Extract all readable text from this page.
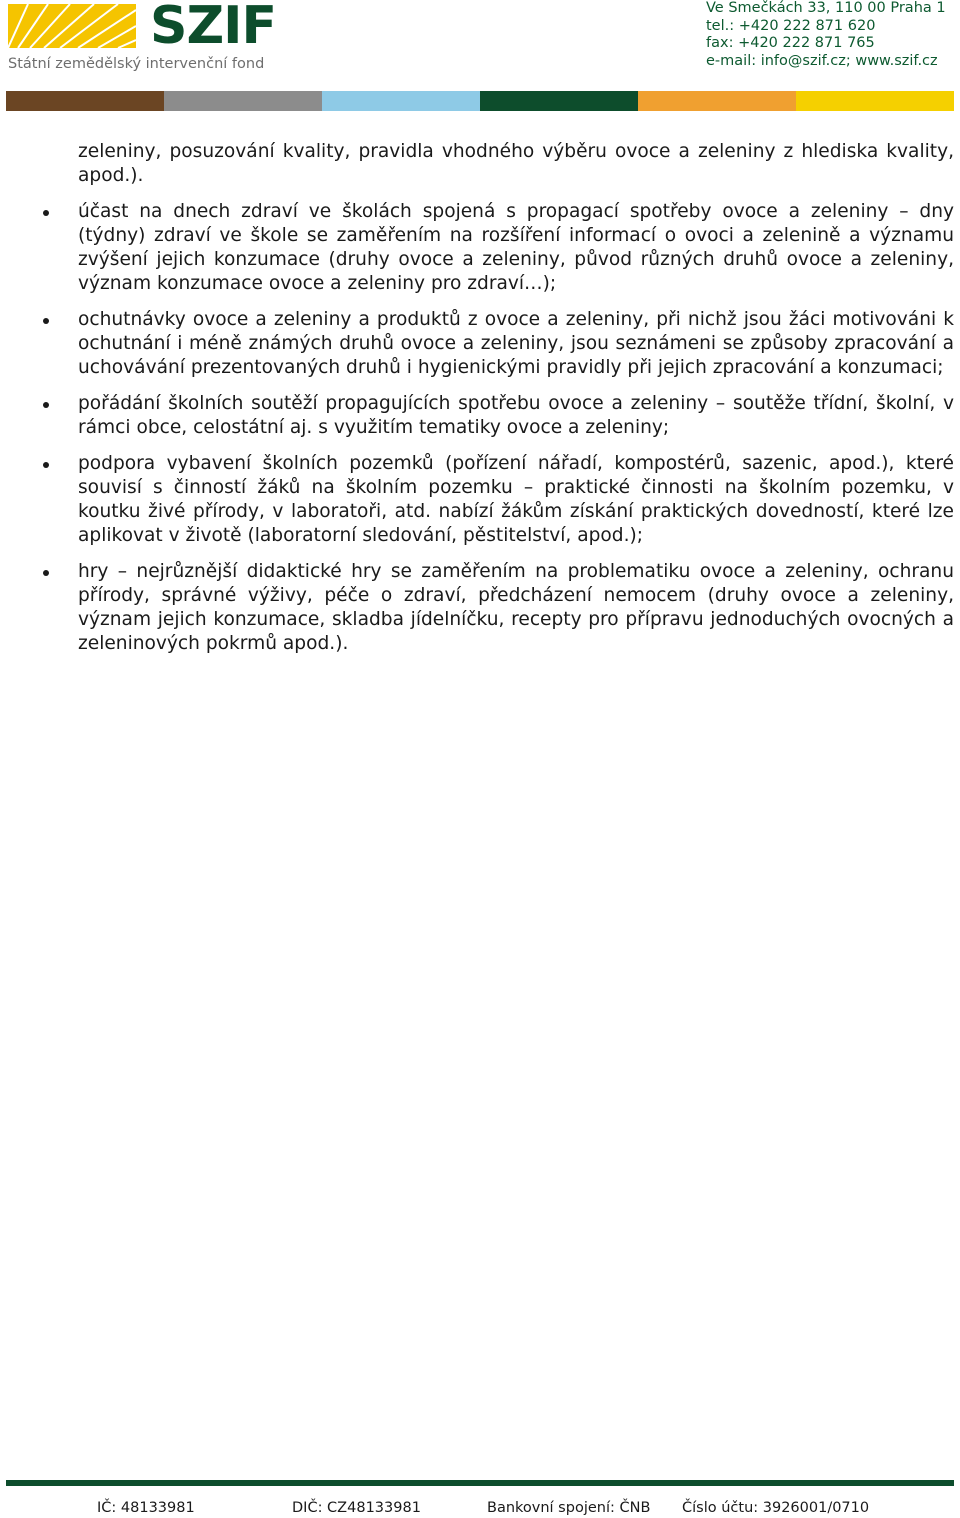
SZIF
Státní zemědělský intervenční fond
Ve Smečkách 33, 110 00 Praha 1
tel.: +420 222 871 620
fax: +420 222 871 765
e-mail: info@szif.cz; www.szif.cz

zeleniny, posuzování kvality, pravidla vhodného výběru ovoce a zeleniny z hlediska kvality, apod.).

účast na dnech zdraví ve školách spojená s propagací spotřeby ovoce a zeleniny – dny (týdny) zdraví ve škole se zaměřením na rozšíření informací o ovoci a zelenině a významu zvýšení jejich konzumace (druhy ovoce a zeleniny, původ různých druhů ovoce a zeleniny, význam konzumace ovoce a zeleniny pro zdraví…);
ochutnávky ovoce a zeleniny a produktů z ovoce a zeleniny, při nichž jsou žáci motivováni k ochutnání i méně známých druhů ovoce a zeleniny, jsou seznámeni se způsoby zpracování a uchovávání prezentovaných druhů i hygienickými pravidly při jejich zpracování a konzumaci;
pořádání školních soutěží propagujících spotřebu ovoce a zeleniny – soutěže třídní, školní, v rámci obce, celostátní aj. s využitím tematiky ovoce a zeleniny;
podpora vybavení školních pozemků (pořízení nářadí, kompostérů, sazenic, apod.), které souvisí s činností žáků na školním pozemku – praktické činnosti na školním pozemku, v koutku živé přírody, v laboratoři, atd. nabízí žákům získání praktických dovedností, které lze aplikovat v životě (laboratorní sledování, pěstitelství, apod.);
hry – nejrůznější didaktické hry se zaměřením na problematiku ovoce a zeleniny, ochranu přírody, správné výživy, péče o zdraví, předcházení nemocem (druhy ovoce a zeleniny, význam jejich konzumace, skladba jídelníčku, recepty pro přípravu jednoduchých ovocných a zeleninových pokrmů apod.).
IČ: 48133981	DIČ: CZ48133981	Bankovní spojení: ČNB Číslo účtu: 3926001/0710
